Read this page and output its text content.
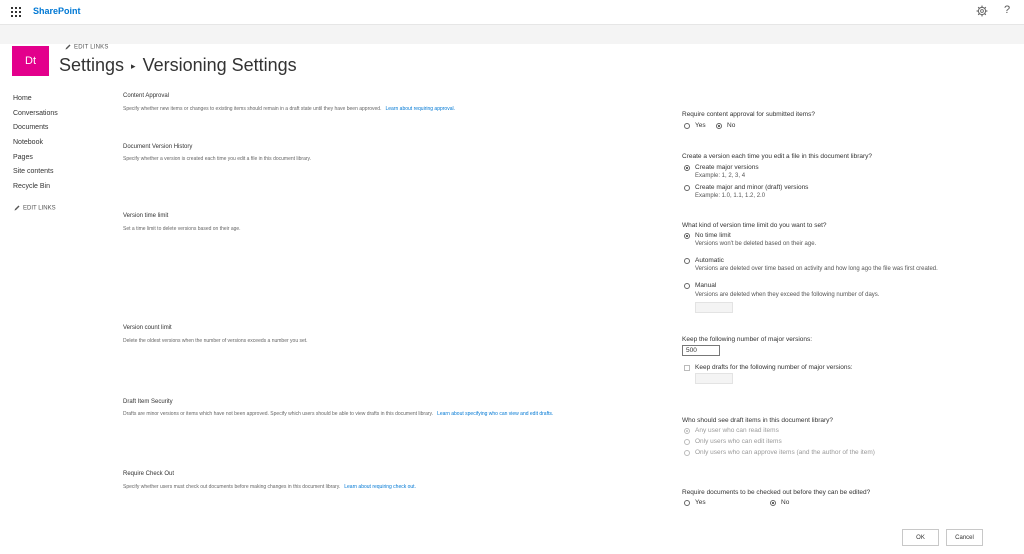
SharePoint	?
Dt
EDIT LINKS
Settings ▸ Versioning Settings
Home
Conversations
Documents
Notebook
Pages
Site contents
Recycle Bin
EDIT LINKS
Content Approval
Specify whether new items or changes to existing items should remain in a draft state until they have been approved. Learn about requiring approval.
Require content approval for submitted items?
Yes	No
Document Version History
Specify whether a version is created each time you edit a file in this document library.	Create a version each time you edit a file in this document library?
Create major versions
Example: 1, 2, 3, 4
Create major and minor (draft) versions
Example: 1.0, 1.1, 1.2, 2.0
Version time limit
Set a time limit to delete versions based on their age.	What kind of version time limit do you want to set?
No time limit
Versions won't be deleted based on their age.
Automatic
Versions are deleted over time based on activity and how long ago the file was first created.
Manual
Versions are deleted when they exceed the following number of days.
Version count limit
Delete the oldest versions when the number of versions exceeds a number you set.	Keep the following number of major versions:
500
Keep drafts for the following number of major versions:
Draft Item Security
Drafts are minor versions or items which have not been approved. Specify which users should be able to view drafts in this document library. Learn about specifying who can view and edit drafts.
Who should see draft items in this document library?
Any user who can read items
Only users who can edit items
Only users who can approve items (and the author of the item)
Require Check Out
Specify whether users must check out documents before making changes in this document library. Learn about requiring check out.
Require documents to be checked out before they can be edited?
Yes	No
OK	Cancel
